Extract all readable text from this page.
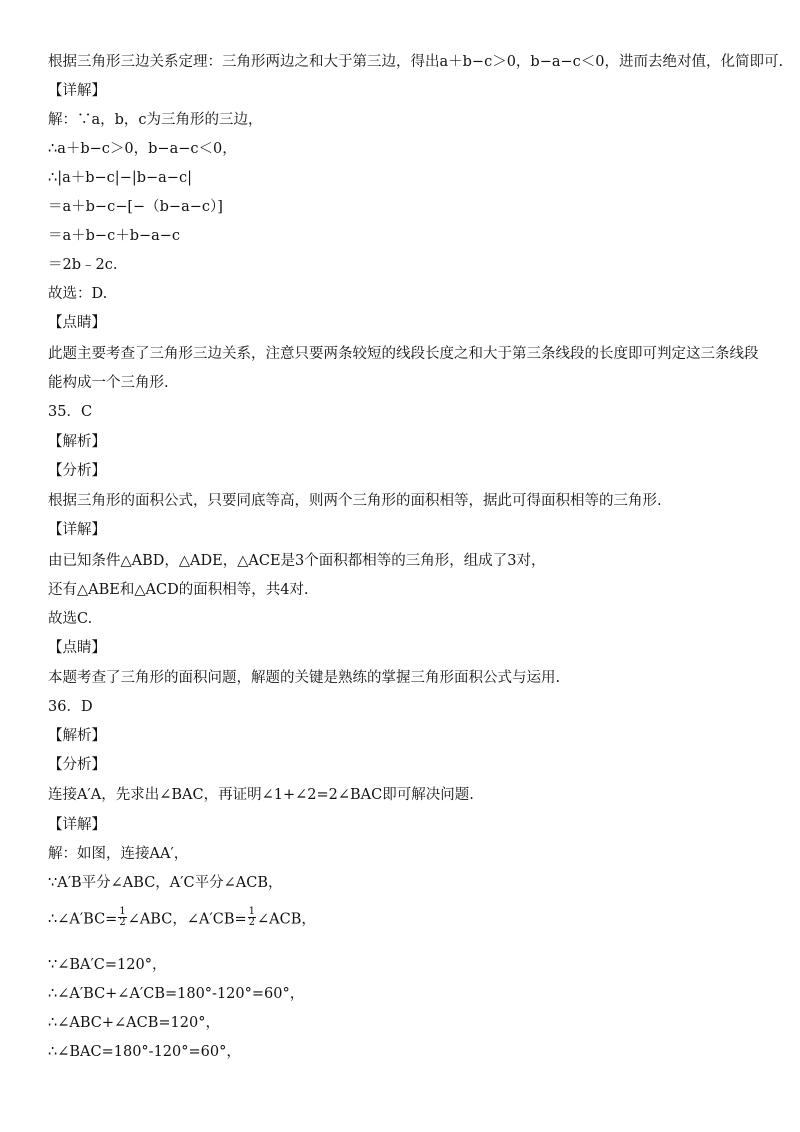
根据三角形三边关系定理：三角形两边之和大于第三边，得出a＋b−c＞0，b−a−c＜0，进而去绝对值，化简即可.
【详解】
解：∵a，b，c为三角形的三边，
∴a＋b−c＞0，b−a−c＜0，
∴|a＋b−c|−|b−a−c|
＝a＋b−c−[−（b−a−c）]
＝a＋b−c＋b−a−c
＝2b﹣2c.
故选：D.
【点睛】
此题主要考查了三角形三边关系，注意只要两条较短的线段长度之和大于第三条线段的长度即可判定这三条线段
能构成一个三角形.
35．C
【解析】
【分析】
根据三角形的面积公式，只要同底等高，则两个三角形的面积相等，据此可得面积相等的三角形.
【详解】
由已知条件△ABD，△ADE，△ACE是3个面积都相等的三角形，组成了3对，
还有△ABE和△ACD的面积相等，共4对.
故选C.
【点睛】
本题考查了三角形的面积问题，解题的关键是熟练的掌握三角形面积公式与运用.
36．D
【解析】
【分析】
连接A′A，先求出∠BAC，再证明∠1+∠2=2∠BAC即可解决问题.
【详解】
解：如图，连接AA′，
∵A′B平分∠ABC，A′C平分∠ACB，
∴∠A′BC= $\frac{1}{2}$ ∠ABC，∠A′CB= $\frac{1}{2}$ ∠ACB，
∵∠BA′C=120°，
∴∠A′BC+∠A′CB=180°-120°=60°，
∴∠ABC+∠ACB=120°，
∴∠BAC=180°-120°=60°，
